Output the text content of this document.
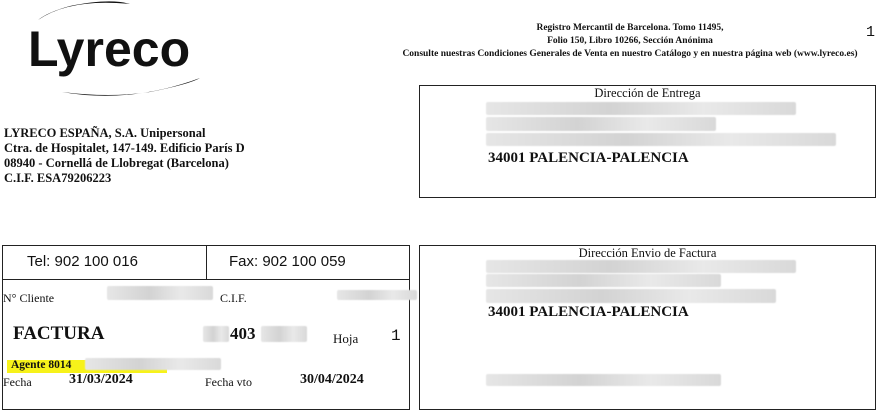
Lyreco	Registro Mercantil de Barcelona. Tomo 11495,
Folio 150, Libro 10266, Sección Anónima
Consulte nuestras Condiciones Generales de Venta en nuestro Catálogo y en nuestra página web (www.lyreco.es)
1
LYRECO ESPAÑA, S.A. Unipersonal
Ctra. de Hospitalet, 147-149. Edificio París D
08940 - Cornellá de Llobregat (Barcelona)
C.I.F. ESA79206223
Dirección de Entrega
34001 PALENCIA-PALENCIA
Dirección Envio de Factura
34001 PALENCIA-PALENCIA
Tel: 902 100 016	Fax: 902 100 059
N° Cliente	C.I.F.
FACTURA	403	Hoja 1
Agente 8014
Fecha	31/03/2024	Fecha vto	30/04/2024
